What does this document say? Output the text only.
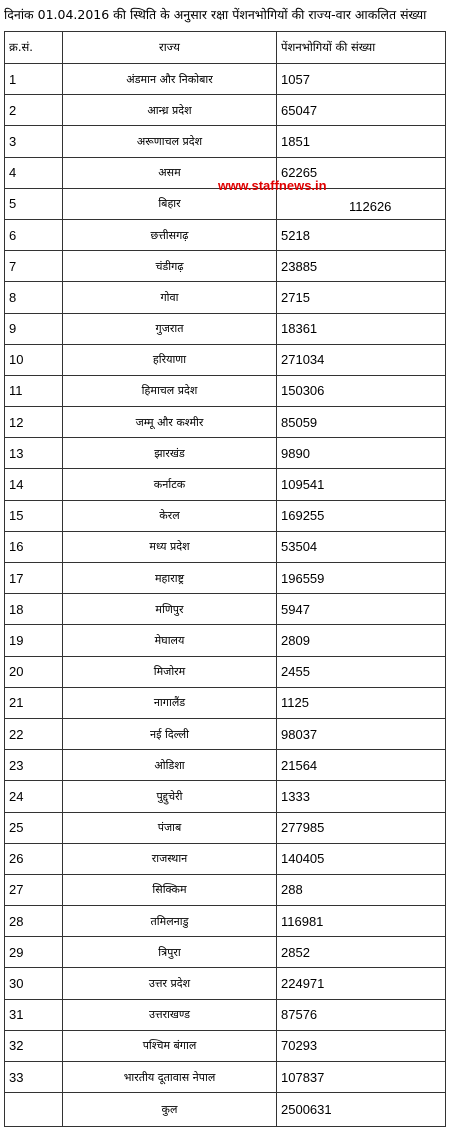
दिनांक 01.04.2016 की स्थिति के अनुसार रक्षा पेंशनभोगियों की राज्य-वार आकलित संख्या
क्र.सं.	राज्य	पेंशनभोगियों की संख्या
1	अंडमान और निकोबार	1057
2	आन्ध्र प्रदेश	65047
3	अरूणाचल प्रदेश	1851
4	असम	62265
5	बिहार	112626

6	छत्तीसगढ़	5218
7	चंडीगढ़	23885
8	गोवा	2715
9	गुजरात	18361
10	हरियाणा	271034
11	हिमाचल प्रदेश	150306
12	जम्मू और कश्मीर	85059
13	झारखंड	9890
14	कर्नाटक	109541
15	केरल	169255
16	मध्य प्रदेश	53504
17	महाराष्ट्र	196559
18	मणिपुर	5947
19	मेघालय	2809
20	मिजोरम	2455
21	नागालैंड	1125
22	नई दिल्ली	98037
23	ओडिशा	21564
24	पुद्दुचेरी	1333
25	पंजाब	277985
26	राजस्थान	140405
27	सिक्किम	288
28	तमिलनाडु	116981
29	त्रिपुरा	2852
30	उत्तर प्रदेश	224971
31	उत्तराखण्ड	87576
32	पश्चिम बंगाल	70293
33	भारतीय दूतावास नेपाल	107837
	कुल	2500631
www.staffnews.in
